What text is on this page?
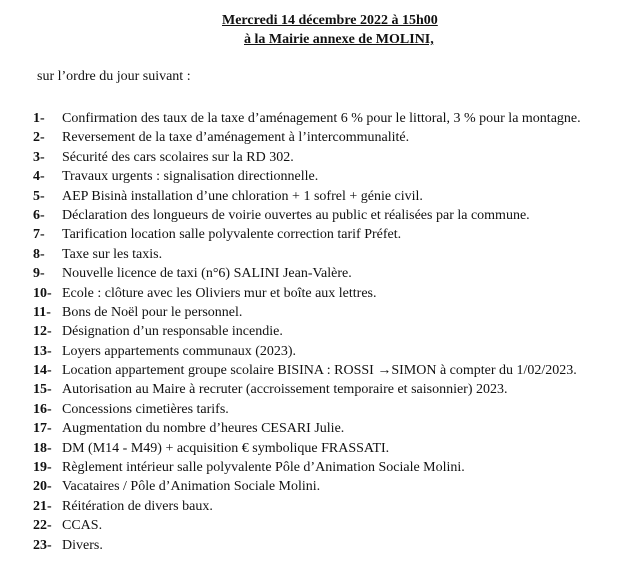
Mercredi 14 décembre 2022 à 15h00
à la Mairie annexe de MOLINI,
sur l’ordre du jour suivant :
1-	Confirmation des taux de la taxe d’aménagement 6 % pour le littoral, 3 % pour la montagne.
2-	Reversement de la taxe d’aménagement à l’intercommunalité.
3-	Sécurité des cars scolaires sur la RD 302.
4-	Travaux urgents : signalisation directionnelle.
5-	AEP Bisinà installation d’une chloration + 1 sofrel + génie civil.
6-	Déclaration des longueurs de voirie ouvertes au public et réalisées par la commune.
7-	Tarification location salle polyvalente correction tarif Préfet.
8-	Taxe sur les taxis.
9-	Nouvelle licence de taxi (n°6) SALINI Jean-Valère.
10- Ecole : clôture avec les Oliviers mur et boîte aux lettres.
11- Bons de Noël pour le personnel.
12- Désignation d’un responsable incendie.
13- Loyers appartements communaux (2023).
14- Location appartement groupe scolaire BISINA : ROSSI →SIMON à compter du 1/02/2023.
15- Autorisation au Maire à recruter (accroissement temporaire et saisonnier) 2023.
16- Concessions cimetières tarifs.
17- Augmentation du nombre d’heures CESARI Julie.
18- DM (M14 - M49) + acquisition € symbolique FRASSATI.
19- Règlement intérieur salle polyvalente Pôle d’Animation Sociale Molini.
20- Vacataires / Pôle d’Animation Sociale Molini.
21- Réitération de divers baux.
22- CCAS.
23- Divers.
